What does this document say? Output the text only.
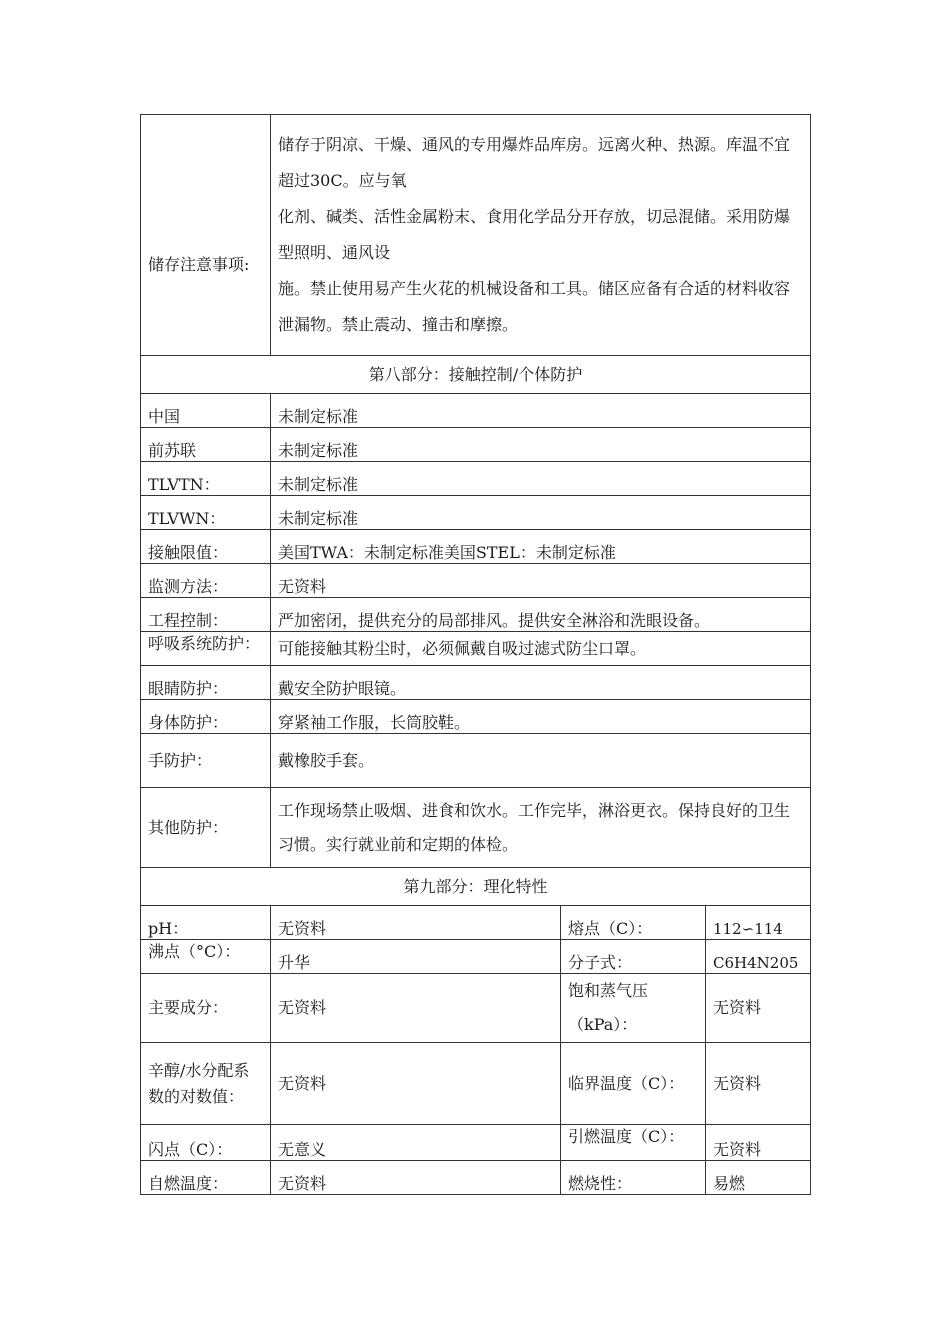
储存注意事项:	储存于阴凉、干燥、通风的专用爆炸品库房。远离火种、热源。库温不宜超过30C。应与氧
化剂、碱类、活性金属粉末、食用化学品分开存放，切忌混储。采用防爆型照明、通风设
施。禁止使用易产生火花的机械设备和工具。储区应备有合适的材料收容泄漏物。禁止震动、撞击和摩擦。		

第八部分：接触控制/个体防护			
中国	未制定标准		
前苏联	未制定标准		
TLVTN：	未制定标准		
TLVWN：	未制定标准		
接触限值：	美国TWA：未制定标准美国STEL：未制定标准		
监测方法：	无资料		
工程控制：	严加密闭，提供充分的局部排风。提供安全淋浴和洗眼设备。		

呼吸系统防护：	可能接触其粉尘时，必须佩戴自吸过滤式防尘口罩。		
眼睛防护：	戴安全防护眼镜。		
身体防护：	穿紧袖工作服，长筒胶鞋。		
手防护：	戴橡胶手套。		
其他防护：	工作现场禁止吸烟、进食和饮水。工作完毕，淋浴更衣。保持良好的卫生习惯。实行就业前和定期的体检。		
第九部分：理化特性			
pH：	无资料	熔点（C）：	112∽114

沸点（°C）：	升华	分子式：	C6H4N205
主要成分：	无资料	饱和蒸气压（kPa）：	无资料
辛醇/水分配系数的对数值：	无资料	临界温度（C）：	无资料
闪点（C）：	无意义	引燃温度（C）：	无资料
自燃温度：	无资料	燃烧性：	易燃
